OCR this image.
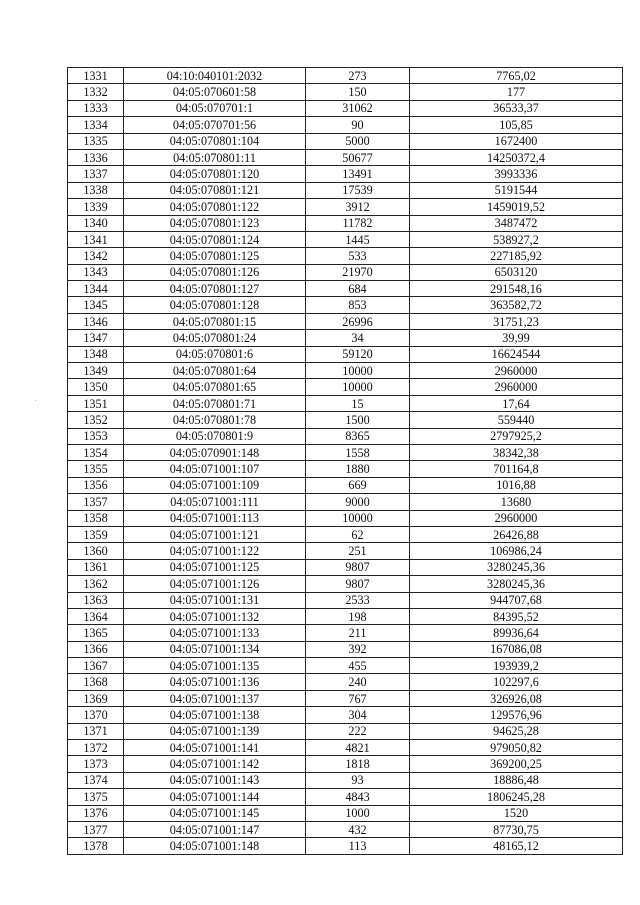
1331	04:10:040101:2032	273	7765,02
1332	04:05:070601:58	150	177
1333	04:05:070701:1	31062	36533,37
1334	04:05:070701:56	90	105,85
1335	04:05:070801:104	5000	1672400
1336	04:05:070801:11	50677	14250372,4
1337	04:05:070801:120	13491	3993336
1338	04:05:070801:121	17539	5191544
1339	04:05:070801:122	3912	1459019,52
1340	04:05:070801:123	11782	3487472
1341	04:05:070801:124	1445	538927,2
1342	04:05:070801:125	533	227185,92
1343	04:05:070801:126	21970	6503120
1344	04:05:070801:127	684	291548,16
1345	04:05:070801:128	853	363582,72
1346	04:05:070801:15	26996	31751,23
1347	04:05:070801:24	34	39,99
1348	04:05:070801:6	59120	16624544
1349	04:05:070801:64	10000	2960000
1350	04:05:070801:65	10000	2960000
1351	04:05:070801:71	15	17,64
1352	04:05:070801:78	1500	559440
1353	04:05:070801:9	8365	2797925,2
1354	04:05:070901:148	1558	38342,38
1355	04:05:071001:107	1880	701164,8
1356	04:05:071001:109	669	1016,88
1357	04:05:071001:111	9000	13680
1358	04:05:071001:113	10000	2960000
1359	04:05:071001:121	62	26426,88
1360	04:05:071001:122	251	106986,24
1361	04:05:071001:125	9807	3280245,36
1362	04:05:071001:126	9807	3280245,36
1363	04:05:071001:131	2533	944707,68
1364	04:05:071001:132	198	84395,52
1365	04:05:071001:133	211	89936,64
1366	04:05:071001:134	392	167086,08
1367	04:05:071001:135	455	193939,2
1368	04:05:071001:136	240	102297,6
1369	04:05:071001:137	767	326926,08
1370	04:05:071001:138	304	129576,96
1371	04:05:071001:139	222	94625,28
1372	04:05:071001:141	4821	979050,82
1373	04:05:071001:142	1818	369200,25
1374	04:05:071001:143	93	18886,48
1375	04:05:071001:144	4843	1806245,28
1376	04:05:071001:145	1000	1520
1377	04:05:071001:147	432	87730,75
1378	04:05:071001:148	113	48165,12
